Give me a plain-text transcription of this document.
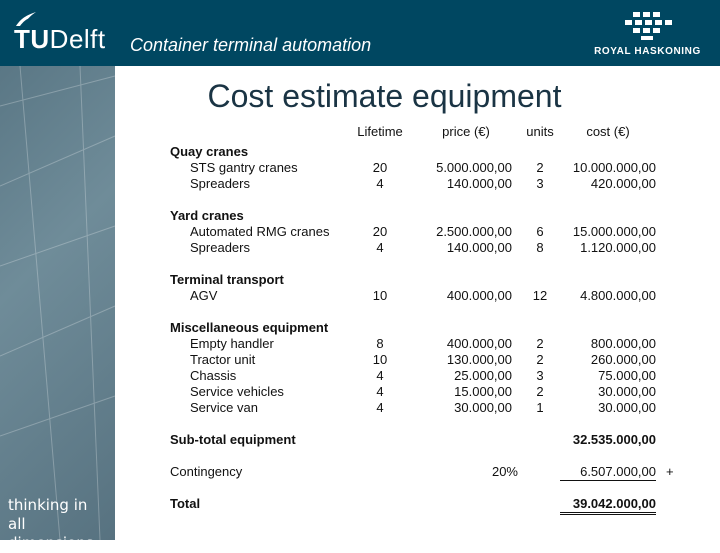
TUDelft Container terminal automation	ROYAL HASKONING
thinking in
all dimensions
Cost estimate equipment
Lifetime	price (€)	units	cost (€)
Quay cranes
STS gantry cranes	20	5.000.000,00	2	10.000.000,00
Spreaders	4	140.000,00	3	420.000,00
Yard cranes
Automated RMG cranes	20	2.500.000,00	6	15.000.000,00
Spreaders	4	140.000,00	8	1.120.000,00
Terminal transport
AGV	10	400.000,00	12	4.800.000,00
Miscellaneous equipment
Empty handler	8	400.000,00	2	800.000,00
Tractor unit	10	130.000,00	2	260.000,00
Chassis	4	25.000,00	3	75.000,00
Service vehicles	4	15.000,00	2	30.000,00
Service van	4	30.000,00	1	30.000,00
Sub-total equipment	32.535.000,00
Contingency	20%	6.507.000,00 +
Total	39.042.000,00
